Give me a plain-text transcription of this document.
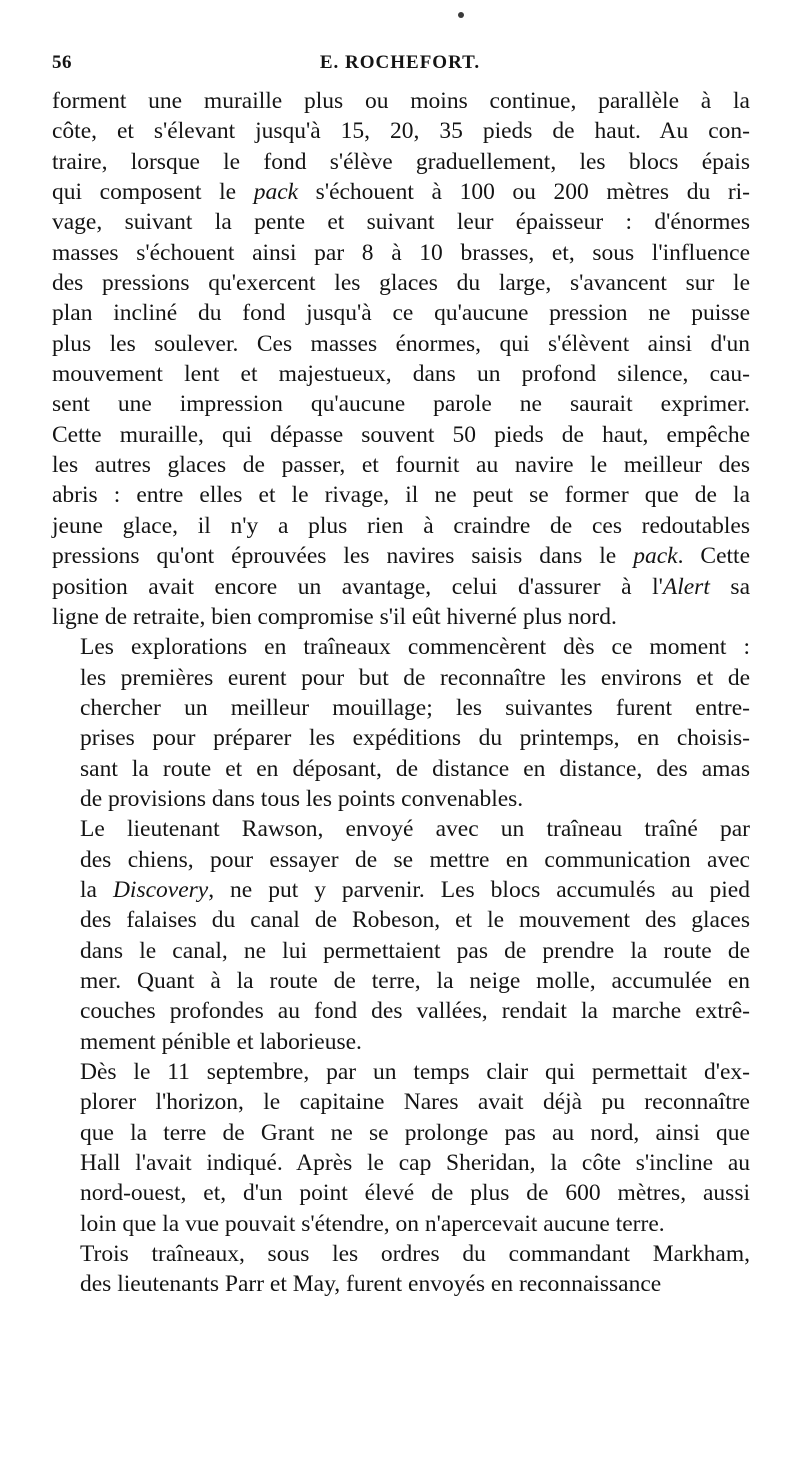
56	E. ROCHEFORT.
forment une muraille plus ou moins continue, parallèle à la
côte, et s'élevant jusqu'à 15, 20, 35 pieds de haut. Au con-
traire, lorsque le fond s'élève graduellement, les blocs épais
qui composent le pack s'échouent à 100 ou 200 mètres du ri-
vage, suivant la pente et suivant leur épaisseur : d'énormes
masses s'échouent ainsi par 8 à 10 brasses, et, sous l'influence
des pressions qu'exercent les glaces du large, s'avancent sur le
plan incliné du fond jusqu'à ce qu'aucune pression ne puisse
plus les soulever. Ces masses énormes, qui s'élèvent ainsi d'un
mouvement lent et majestueux, dans un profond silence, cau-
sent une impression qu'aucune parole ne saurait exprimer.
Cette muraille, qui dépasse souvent 50 pieds de haut, empêche
les autres glaces de passer, et fournit au navire le meilleur des
abris : entre elles et le rivage, il ne peut se former que de la
jeune glace, il n'y a plus rien à craindre de ces redoutables
pressions qu'ont éprouvées les navires saisis dans le pack. Cette
position avait encore un avantage, celui d'assurer à l'Alert sa
ligne de retraite, bien compromise s'il eût hiverné plus nord.
Les explorations en traîneaux commencèrent dès ce moment :
les premières eurent pour but de reconnaître les environs et de
chercher un meilleur mouillage; les suivantes furent entre-
prises pour préparer les expéditions du printemps, en choisis-
sant la route et en déposant, de distance en distance, des amas
de provisions dans tous les points convenables.
Le lieutenant Rawson, envoyé avec un traîneau traîné par
des chiens, pour essayer de se mettre en communication avec
la Discovery, ne put y parvenir. Les blocs accumulés au pied
des falaises du canal de Robeson, et le mouvement des glaces
dans le canal, ne lui permettaient pas de prendre la route de
mer. Quant à la route de terre, la neige molle, accumulée en
couches profondes au fond des vallées, rendait la marche extrê-
mement pénible et laborieuse.
Dès le 11 septembre, par un temps clair qui permettait d'ex-
plorer l'horizon, le capitaine Nares avait déjà pu reconnaître
que la terre de Grant ne se prolonge pas au nord, ainsi que
Hall l'avait indiqué. Après le cap Sheridan, la côte s'incline au
nord-ouest, et, d'un point élevé de plus de 600 mètres, aussi
loin que la vue pouvait s'étendre, on n'apercevait aucune terre.
Trois traîneaux, sous les ordres du commandant Markham,
des lieutenants Parr et May, furent envoyés en reconnaissance
